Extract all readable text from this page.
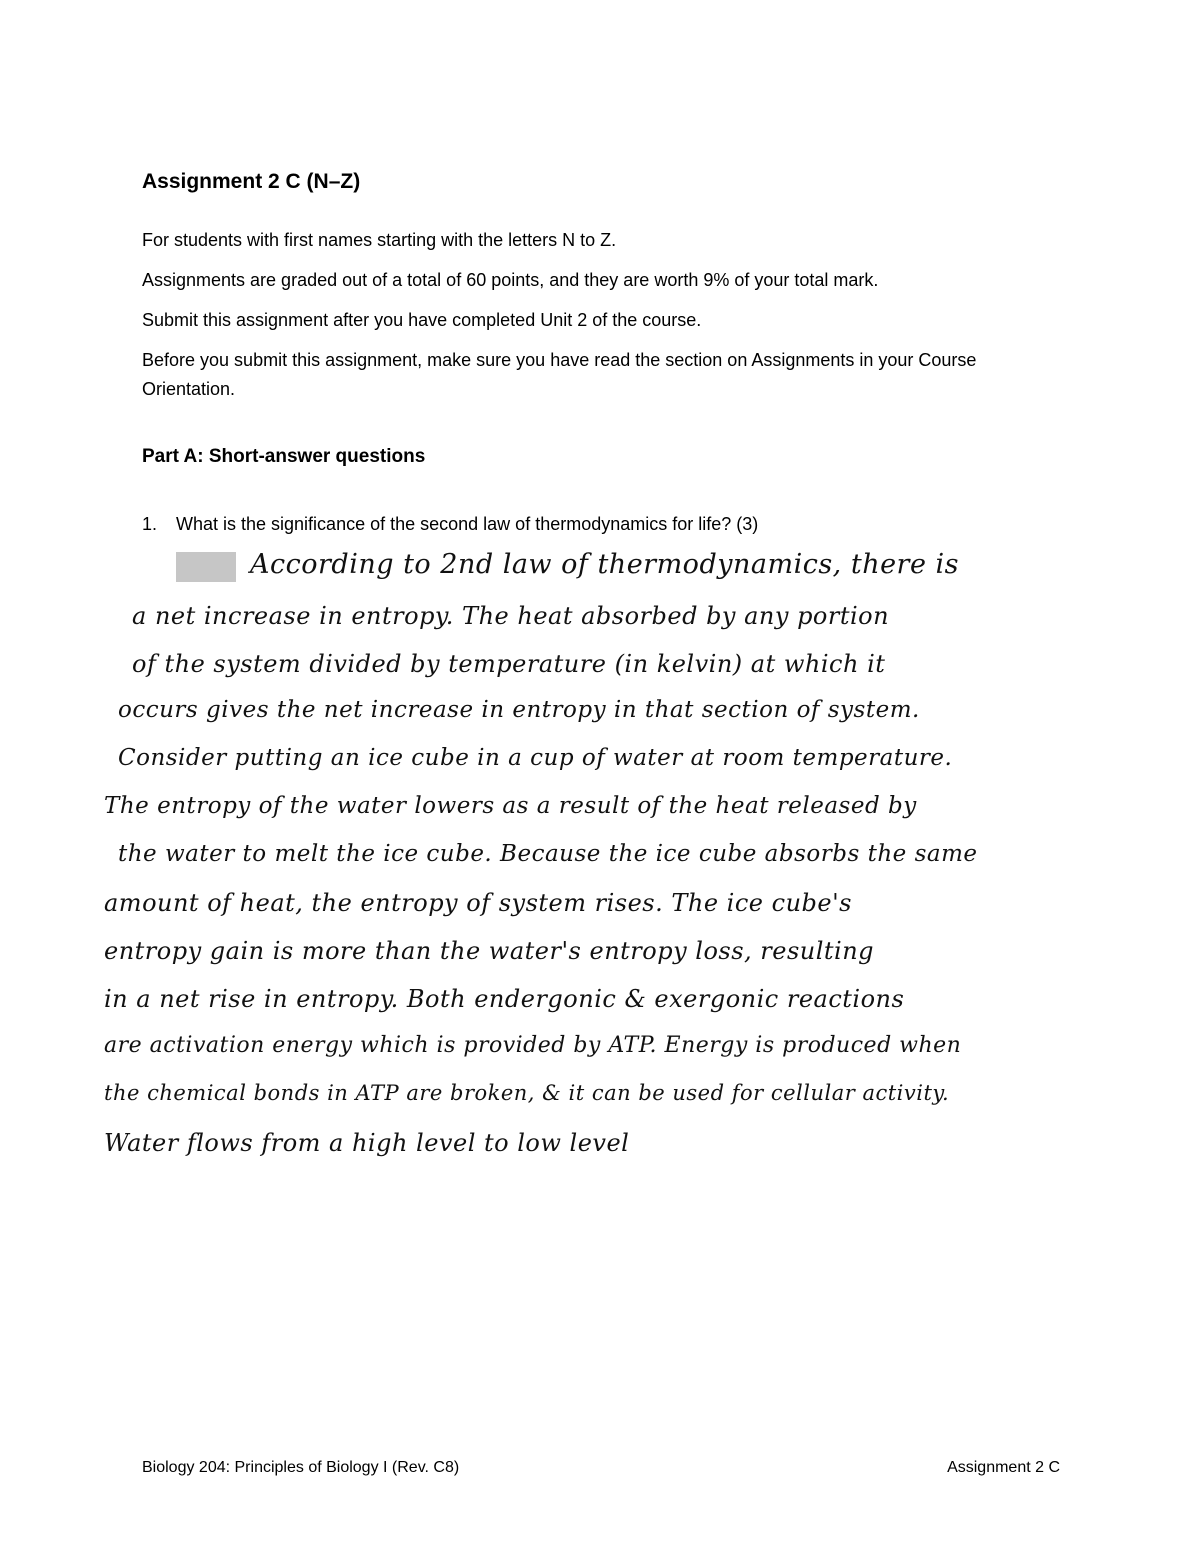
Assignment 2 C (N–Z)
For students with first names starting with the letters N to Z.
Assignments are graded out of a total of 60 points, and they are worth 9% of your total mark.
Submit this assignment after you have completed Unit 2 of the course.
Before you submit this assignment, make sure you have read the section on Assignments in your Course Orientation.
Part A: Short-answer questions
1. What is the significance of the second law of thermodynamics for life? (3)
According to 2nd law of thermodynamics, there is
a net increase in entropy. The heat absorbed by any portion
of the system divided by temperature (in kelvin) at which it
occurs gives the net increase in entropy in that section of system.
Consider putting an ice cube in a cup of water at room temperature.
The entropy of the water lowers as a result of the heat released by
the water to melt the ice cube. Because the ice cube absorbs the same
amount of heat, the entropy of system rises. The ice cube's
entropy gain is more than the water's entropy loss, resulting
in a net rise in entropy. Both endergonic & exergonic reactions
are activation energy which is provided by ATP. Energy is produced when
the chemical bonds in ATP are broken, & it can be used for cellular activity.
Water flows from a high level to low level
Biology 204: Principles of Biology I (Rev. C8)	Assignment 2 C
